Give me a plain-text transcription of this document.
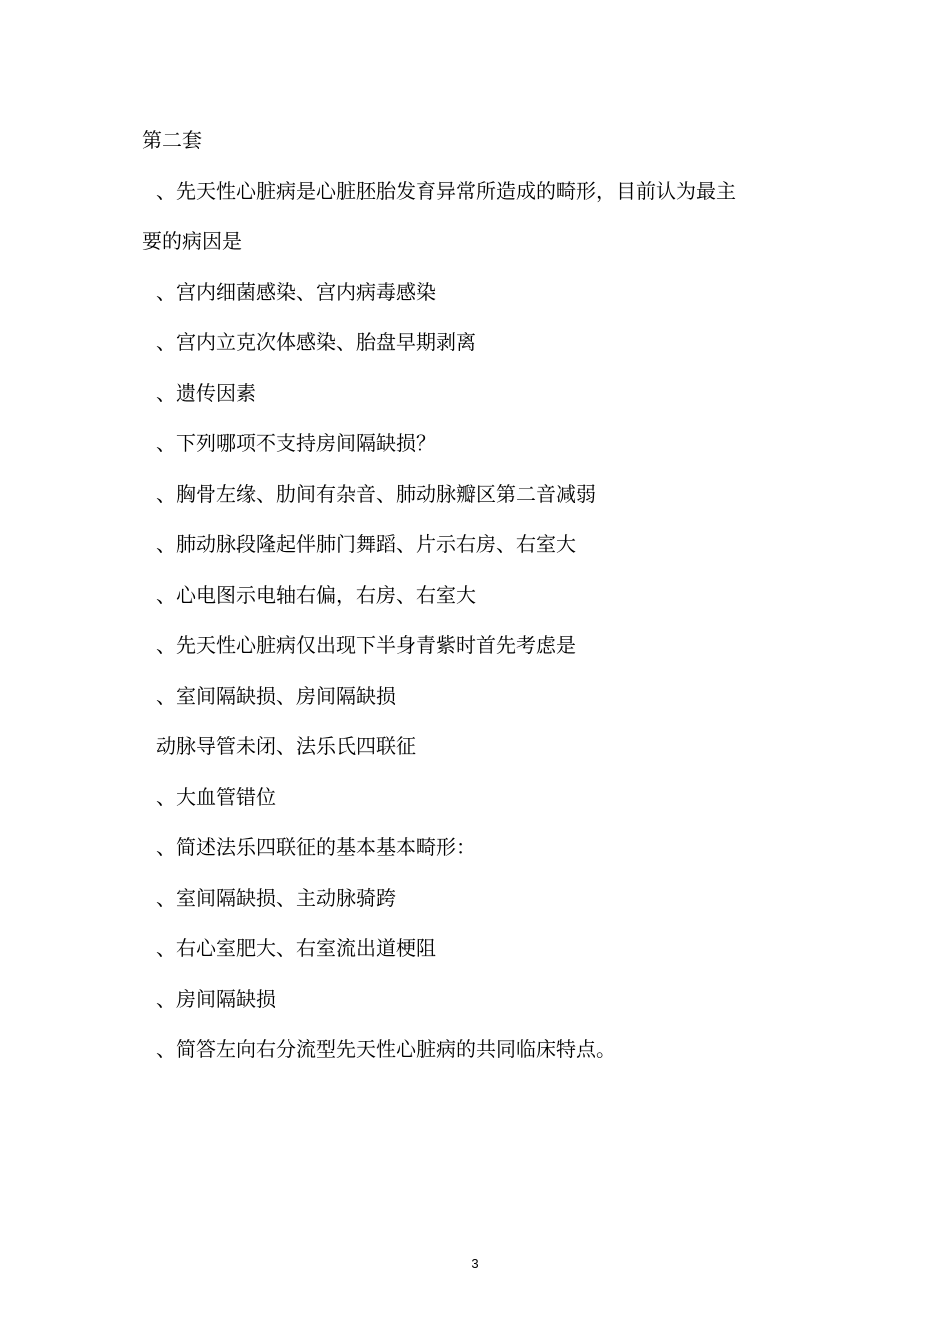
第二套
、先天性心脏病是心脏胚胎发育异常所造成的畸形，目前认为最主
要的病因是
、宫内细菌感染、宫内病毒感染
、宫内立克次体感染、胎盘早期剥离
、遗传因素
、下列哪项不支持房间隔缺损？
、胸骨左缘、肋间有杂音、肺动脉瓣区第二音减弱
、肺动脉段隆起伴肺门舞蹈、片示右房、右室大
、心电图示电轴右偏，右房、右室大
、先天性心脏病仅出现下半身青紫时首先考虑是
、室间隔缺损、房间隔缺损
动脉导管未闭、法乐氏四联征
、大血管错位
、简述法乐四联征的基本基本畸形：
、室间隔缺损、主动脉骑跨
、右心室肥大、右室流出道梗阻
、房间隔缺损
、简答左向右分流型先天性心脏病的共同临床特点。
3
